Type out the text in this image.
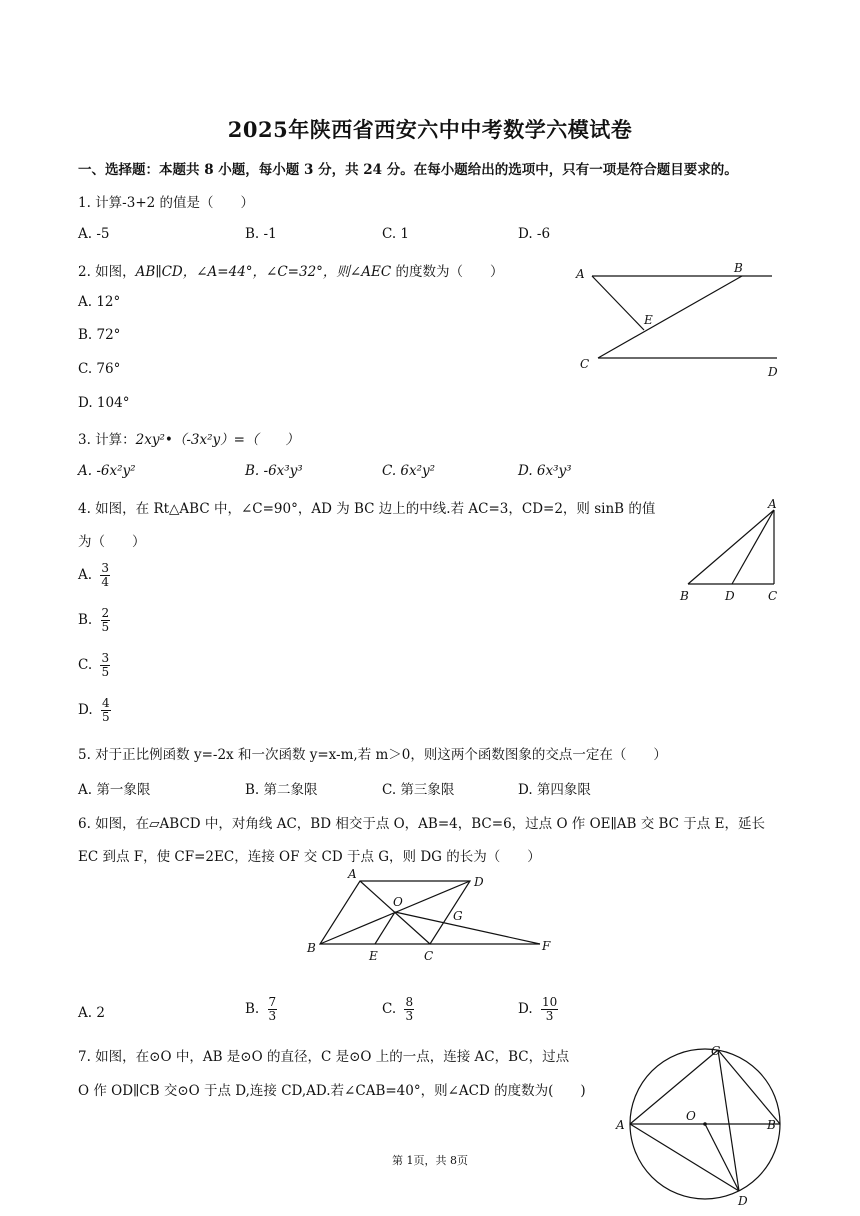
2025年陕西省西安六中中考数学六模试卷
一、选择题：本题共 8 小题，每小题 3 分，共 24 分。在每小题给出的选项中，只有一项是符合题目要求的。
1. 计算-3+2 的值是（　　）
A. -5	B. -1	C. 1	D. -6
2. 如图，AB∥CD，∠A=44°，∠C=32°，则∠AEC 的度数为（　　）
A. 12°
B. 72°
C. 76°
D. 104°
A	B
E
C
D
3. 计算：2xy²•（-3x²y）=（　　）
A. -6x²y²	B. -6x³y³	C. 6x²y²	D. 6x³y³
4. 如图，在 Rt△ABC 中，∠C=90°，AD 为 BC 边上的中线.若 AC=3，CD=2，则 sinB 的值
为（　　）
A. $\frac{3}{4}$
B. $\frac{2}{5}$
C. $\frac{3}{5}$
D. $\frac{4}{5}$
A
B	D	C
5. 对于正比例函数 y=-2x 和一次函数 y=x-m,若 m＞0，则这两个函数图象的交点一定在（　　）
A. 第一象限	B. 第二象限	C. 第三象限	D. 第四象限
6. 如图，在▱ABCD 中，对角线 AC，BD 相交于点 O，AB=4，BC=6，过点 O 作 OE∥AB 交 BC 于点 E，延长
EC 到点 F，使 CF=2EC，连接 OF 交 CD 于点 G，则 DG 的长为（　　）
A
D
O
G
B
E	C
F
A. 2	B. $\frac{7}{3}$	C. $\frac{8}{3}$	D. $\frac{10}{3}$
7. 如图，在⊙O 中，AB 是⊙O 的直径，C 是⊙O 上的一点，连接 AC，BC，过点
O 作 OD∥CB 交⊙O 于点 D,连接 CD,AD.若∠CAB=40°，则∠ACD 的度数为(　　)
C
A
O
B
D
第 1页，共 8页
